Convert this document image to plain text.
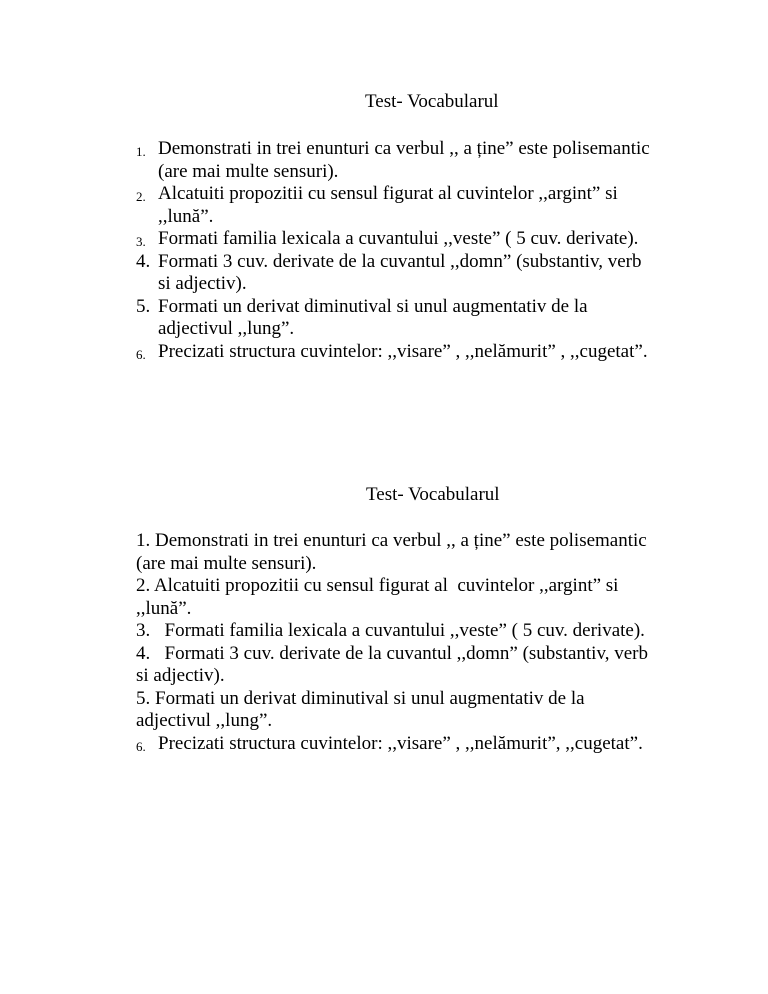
Test- Vocabularul
1. Demonstrati in trei enunturi ca verbul ,, a ține” este polisemantic (are mai multe sensuri).
2. Alcatuiti propozitii cu sensul figurat al cuvintelor ,,argint” si ,,lună”.
3. Formati familia lexicala a cuvantului ,,veste” ( 5 cuv. derivate).
4. Formati 3 cuv. derivate de la cuvantul ,,domn” (substantiv, verb si adjectiv).
5. Formati un derivat diminutival si unul augmentativ de la adjectivul ,,lung”.
6. Precizati structura cuvintelor: ,,visare” , ,,nelămurit” , ,,cugetat”.
Test- Vocabularul
1. Demonstrati in trei enunturi ca verbul ,, a ține” este polisemantic (are mai multe sensuri).
2. Alcatuiti propozitii cu sensul figurat al  cuvintelor ,,argint” si ,,lună”.
3.   Formati familia lexicala a cuvantului ,,veste” ( 5 cuv. derivate).
4.   Formati 3 cuv. derivate de la cuvantul ,,domn” (substantiv, verb si adjectiv).
5. Formati un derivat diminutival si unul augmentativ de la adjectivul ,,lung”.
6. Precizati structura cuvintelor: ,,visare” , ,,nelămurit”, ,,cugetat”.
